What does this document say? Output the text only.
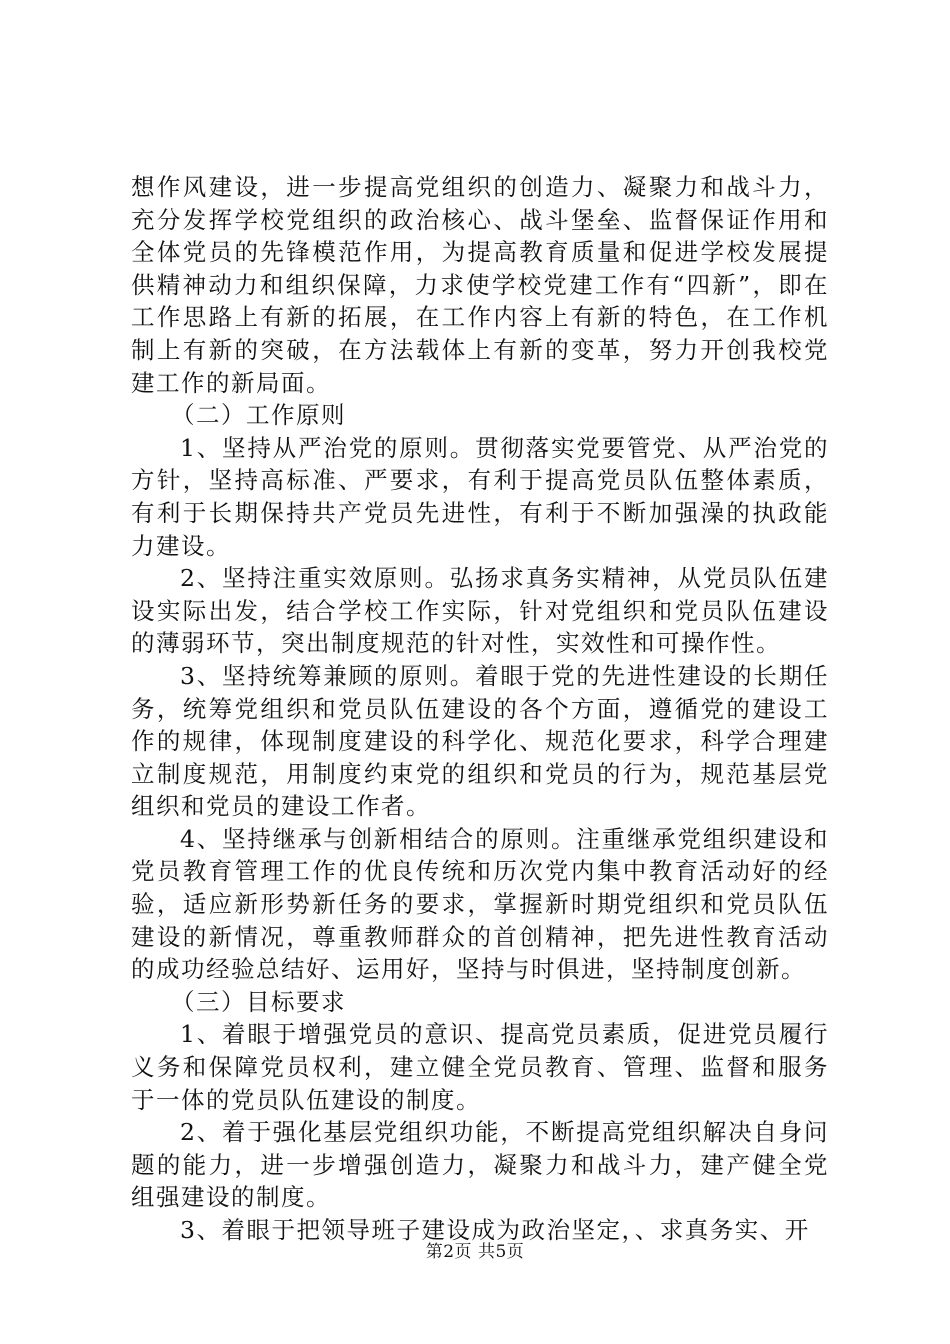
想作风建设，进一步提高党组织的创造力、凝聚力和战斗力，充分发挥学校党组织的政治核心、战斗堡垒、监督保证作用和全体党员的先锋模范作用，为提高教育质量和促进学校发展提供精神动力和组织保障，力求使学校党建工作有“四新”，即在工作思路上有新的拓展，在工作内容上有新的特色，在工作机制上有新的突破，在方法载体上有新的变革，努力开创我校党建工作的新局面。

（二）工作原则

1、坚持从严治党的原则。贯彻落实党要管党、从严治党的方针，坚持高标准、严要求，有利于提高党员队伍整体素质，有利于长期保持共产党员先进性，有利于不断加强澡的执政能力建设。

2、坚持注重实效原则。弘扬求真务实精神，从党员队伍建设实际出发，结合学校工作实际，针对党组织和党员队伍建设的薄弱环节，突出制度规范的针对性，实效性和可操作性。

3、坚持统筹兼顾的原则。着眼于党的先进性建设的长期任务，统筹党组织和党员队伍建设的各个方面，遵循党的建设工作的规律，体现制度建设的科学化、规范化要求，科学合理建立制度规范，用制度约束党的组织和党员的行为，规范基层党组织和党员的建设工作者。

4、坚持继承与创新相结合的原则。注重继承党组织建设和党员教育管理工作的优良传统和历次党内集中教育活动好的经验，适应新形势新任务的要求，掌握新时期党组织和党员队伍建设的新情况，尊重教师群众的首创精神，把先进性教育活动的成功经验总结好、运用好，坚持与时俱进，坚持制度创新。

（三）目标要求

1、着眼于增强党员的意识、提高党员素质，促进党员履行义务和保障党员权利，建立健全党员教育、管理、监督和服务于一体的党员队伍建设的制度。

2、着于强化基层党组织功能，不断提高党组织解决自身问题的能力，进一步增强创造力，凝聚力和战斗力，建产健全党组强建设的制度。

3、着眼于把领导班子建设成为政治坚定，、求真务实、开

第2页 共5页
